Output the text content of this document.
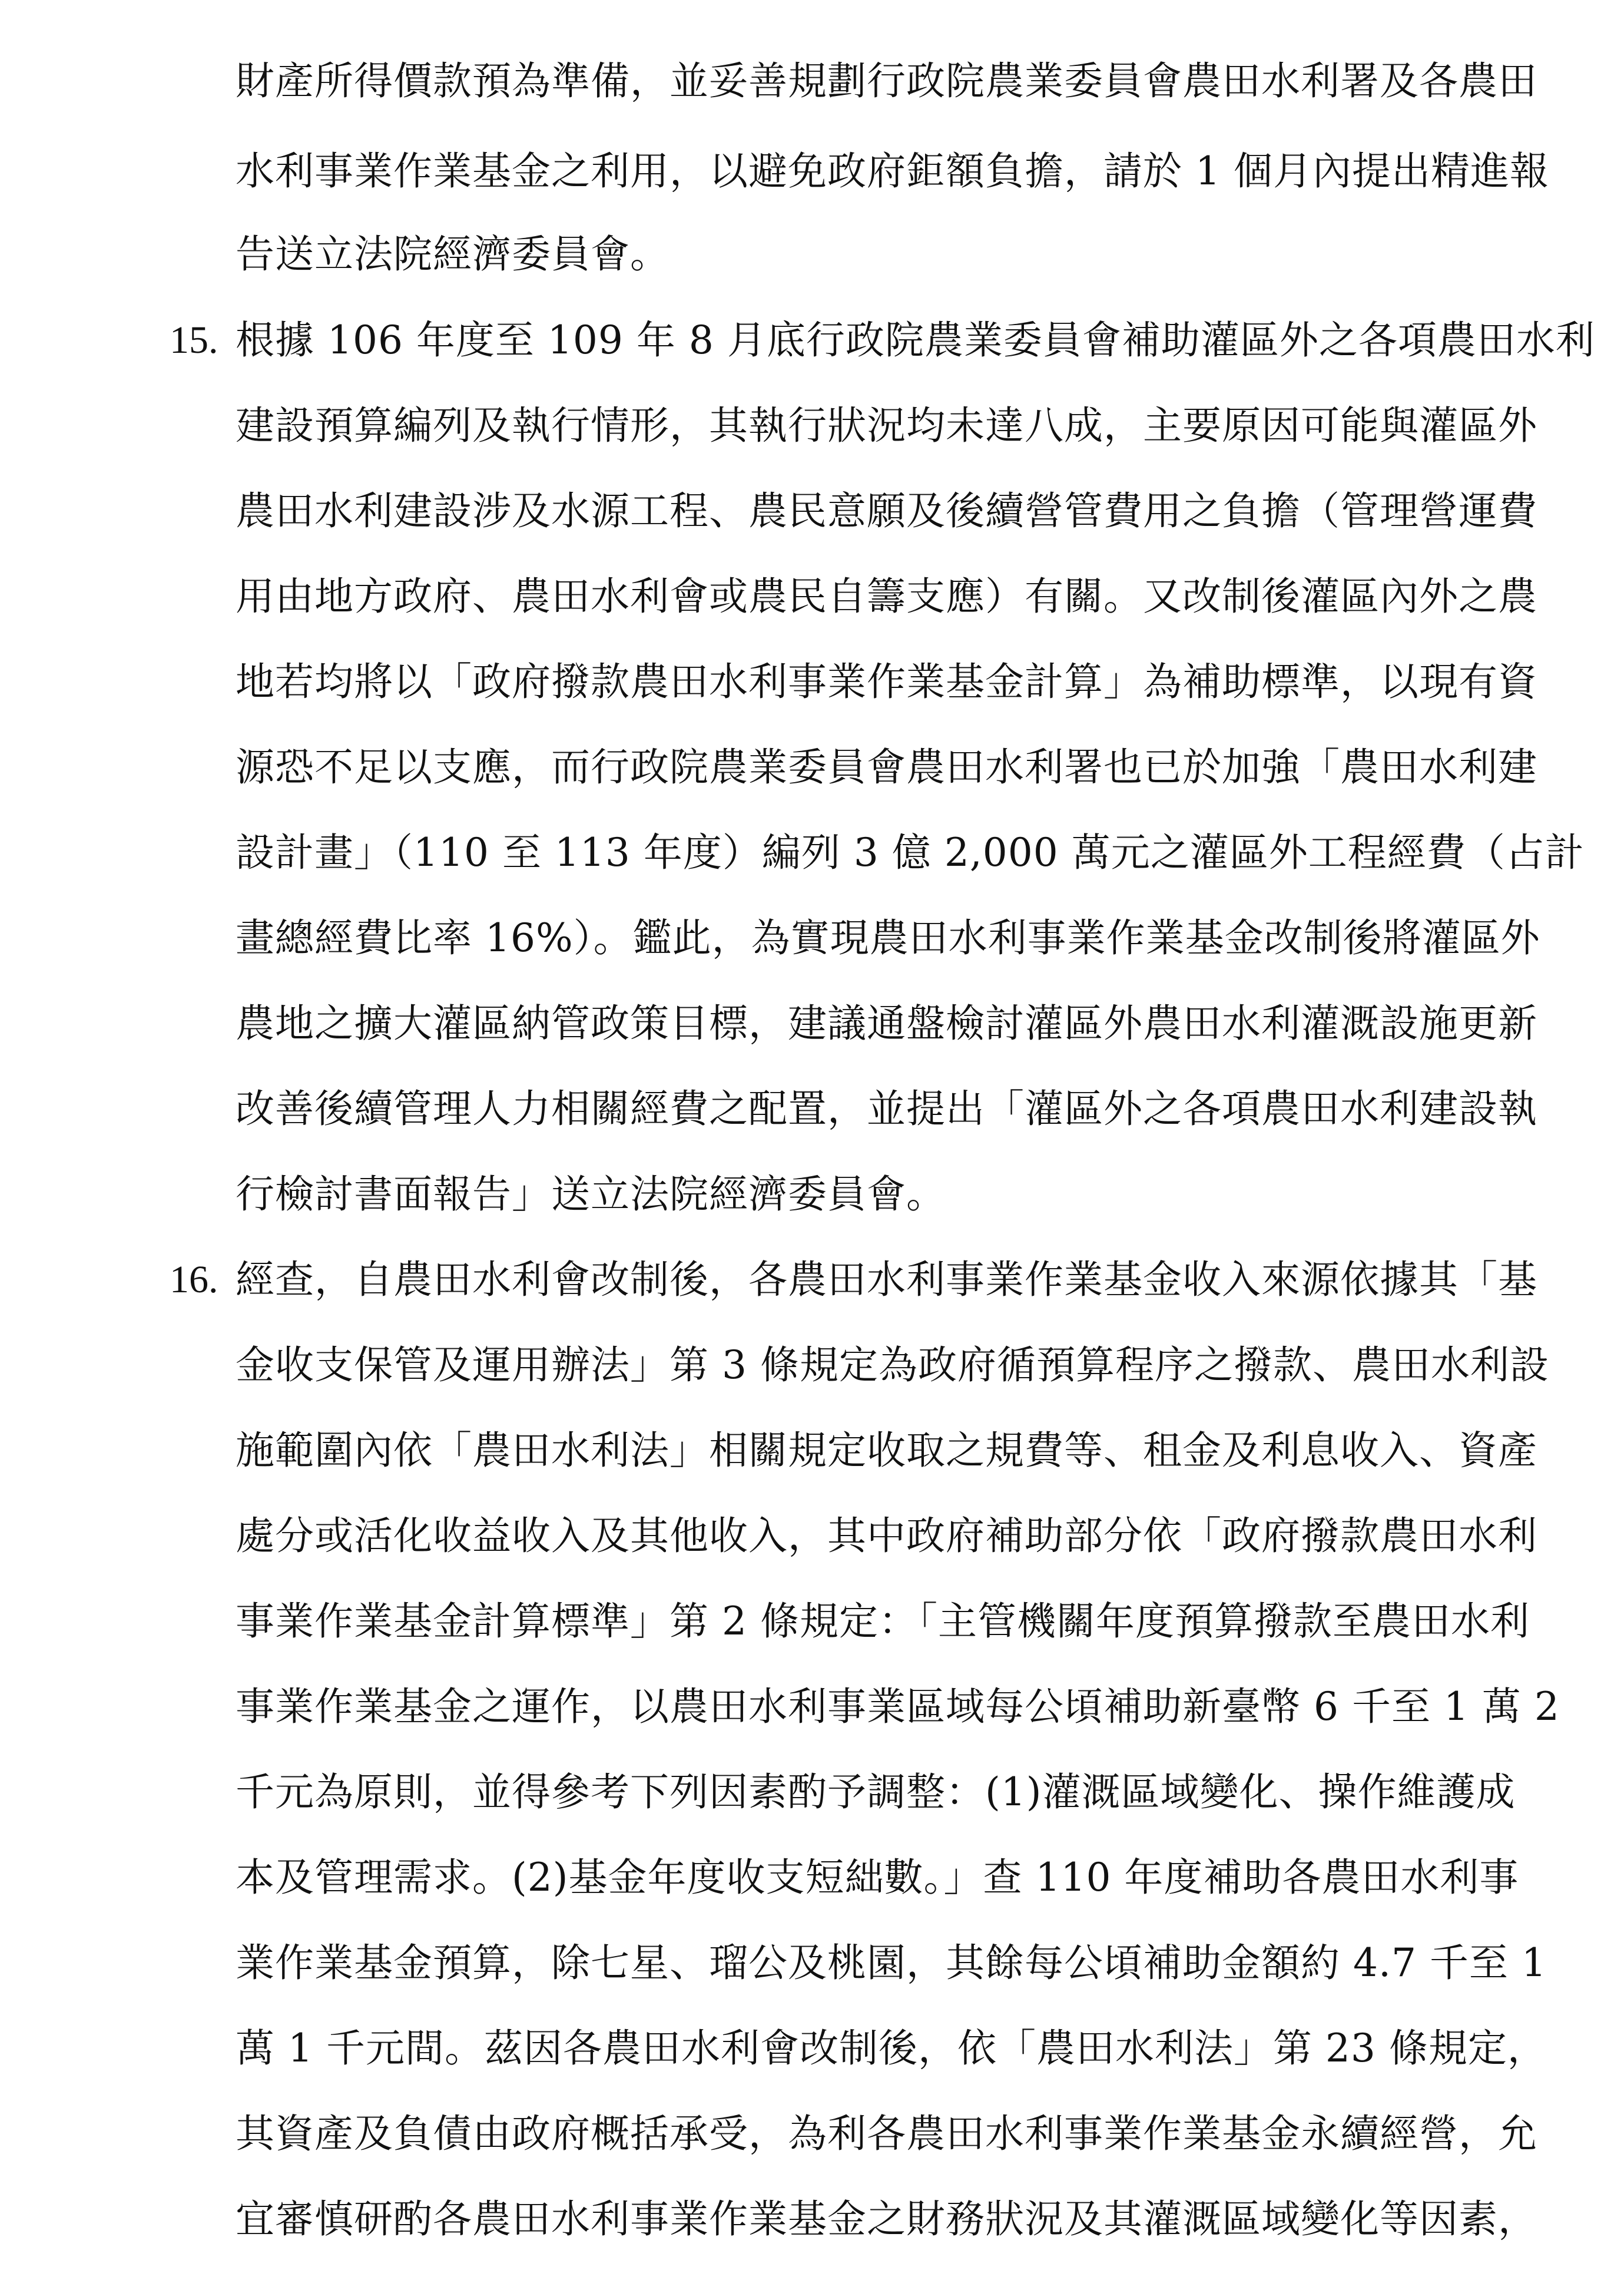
財產所得價款預為準備，並妥善規劃行政院農業委員會農田水利署及各農田
水利事業作業基金之利用，以避免政府鉅額負擔，請於 1 個月內提出精進報
告送立法院經濟委員會。
15. 根據 106 年度至 109 年 8 月底行政院農業委員會補助灌區外之各項農田水利
建設預算編列及執行情形，其執行狀況均未達八成，主要原因可能與灌區外
農田水利建設涉及水源工程、農民意願及後續營管費用之負擔（管理營運費
用由地方政府、農田水利會或農民自籌支應）有關。又改制後灌區內外之農
地若均將以「政府撥款農田水利事業作業基金計算」為補助標準，以現有資
源恐不足以支應，而行政院農業委員會農田水利署也已於加強「農田水利建
設計畫」（110 至 113 年度）編列 3 億 2,000 萬元之灌區外工程經費（占計
畫總經費比率 16%）。鑑此，為實現農田水利事業作業基金改制後將灌區外
農地之擴大灌區納管政策目標，建議通盤檢討灌區外農田水利灌溉設施更新
改善後續管理人力相關經費之配置，並提出「灌區外之各項農田水利建設執
行檢討書面報告」送立法院經濟委員會。
16. 經查，自農田水利會改制後，各農田水利事業作業基金收入來源依據其「基
金收支保管及運用辦法」第 3 條規定為政府循預算程序之撥款、農田水利設
施範圍內依「農田水利法」相關規定收取之規費等、租金及利息收入、資產
處分或活化收益收入及其他收入，其中政府補助部分依「政府撥款農田水利
事業作業基金計算標準」第 2 條規定：「主管機關年度預算撥款至農田水利
事業作業基金之運作，以農田水利事業區域每公頃補助新臺幣 6 千至 1 萬 2
千元為原則，並得參考下列因素酌予調整：(1)灌溉區域變化、操作維護成
本及管理需求。(2)基金年度收支短絀數。」查 110 年度補助各農田水利事
業作業基金預算，除七星、瑠公及桃園，其餘每公頃補助金額約 4.7 千至 1
萬 1 千元間。茲因各農田水利會改制後，依「農田水利法」第 23 條規定，
其資產及負債由政府概括承受，為利各農田水利事業作業基金永續經營，允
宜審慎研酌各農田水利事業作業基金之財務狀況及其灌溉區域變化等因素，
